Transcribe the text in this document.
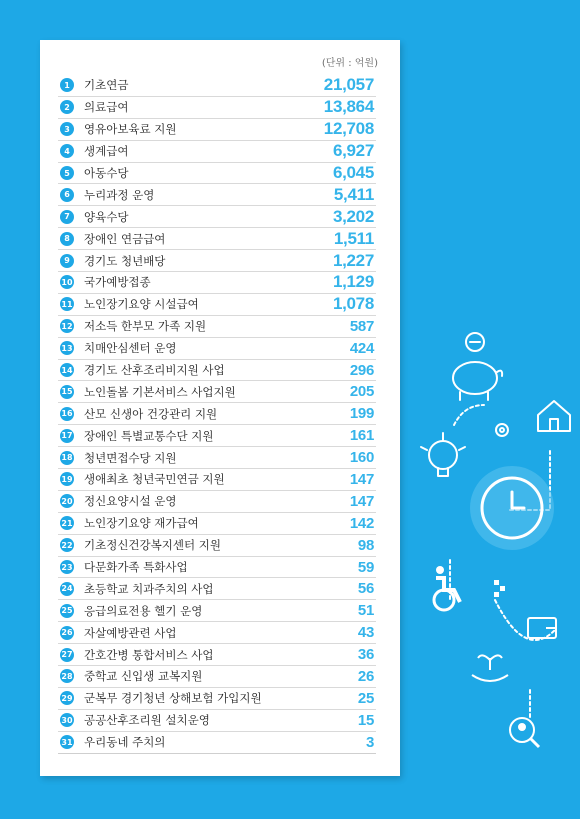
(단위 : 억원)
1	기초연금	21,057
2	의료급여	13,864
3	영유아보육료 지원	12,708
4	생계급여	6,927
5	아동수당	6,045
6	누리과정 운영	5,411
7	양육수당	3,202
8	장애인 연금급여	1,511
9	경기도 청년배당	1,227
10 국가예방접종	1,129
11 노인장기요양 시설급여	1,078
12 저소득 한부모 가족 지원	587
13 치매안심센터 운영	424
14 경기도 산후조리비지원 사업	296
15 노인돌봄 기본서비스 사업지원	205
16 산모 신생아 건강관리 지원	199
17 장애인 특별교통수단 지원	161
18 청년면접수당 지원	160
19 생애최초 청년국민연금 지원	147
20 정신요양시설 운영	147
21 노인장기요양 재가급여	142
22 기초정신건강복지센터 지원	98
23 다문화가족 특화사업	59
24 초등학교 치과주치의 사업	56
25 응급의료전용 헬기 운영	51
26 자살예방관련 사업	43
27 간호간병 통합서비스 사업	36
28 중학교 신입생 교복지원	26
29 군복무 경기청년 상해보험 가입지원	25
30 공공산후조리원 설치운영	15
31 우리동네 주치의	3
